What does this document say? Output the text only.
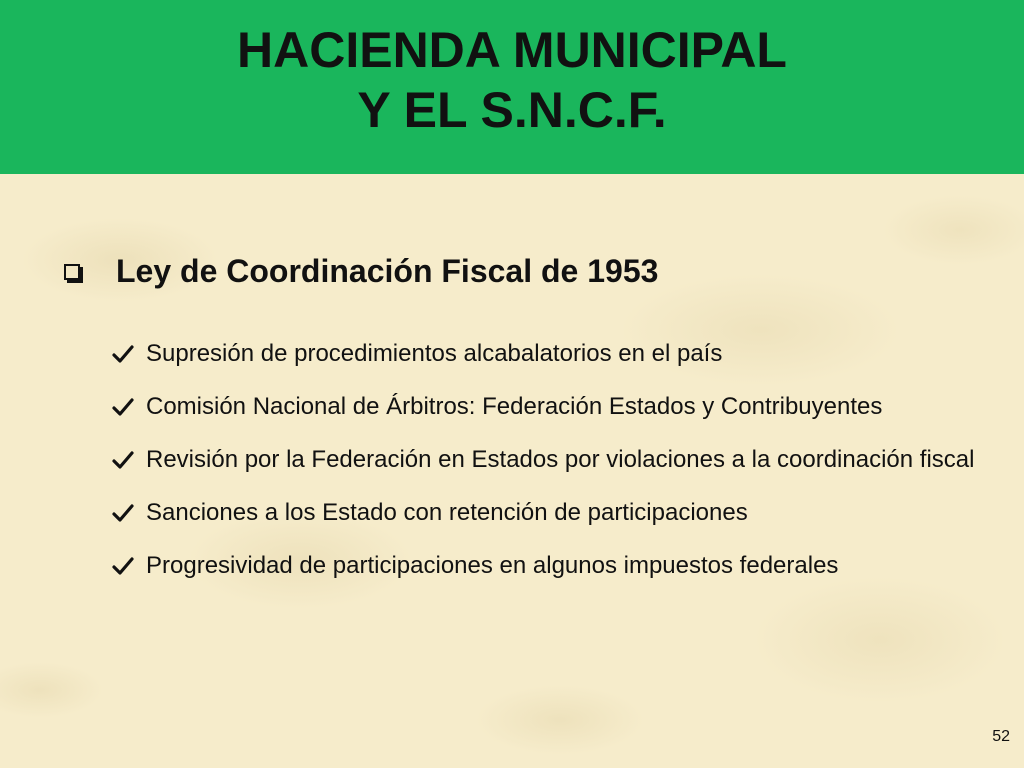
HACIENDA MUNICIPAL
Y EL S.N.C.F.
Ley de Coordinación Fiscal de 1953
Supresión de procedimientos alcabalatorios en el país
Comisión Nacional de Árbitros: Federación Estados y Contribuyentes
Revisión por la Federación en Estados por violaciones a la coordinación fiscal
Sanciones a los Estado con retención de participaciones
Progresividad de participaciones en algunos impuestos federales
52
